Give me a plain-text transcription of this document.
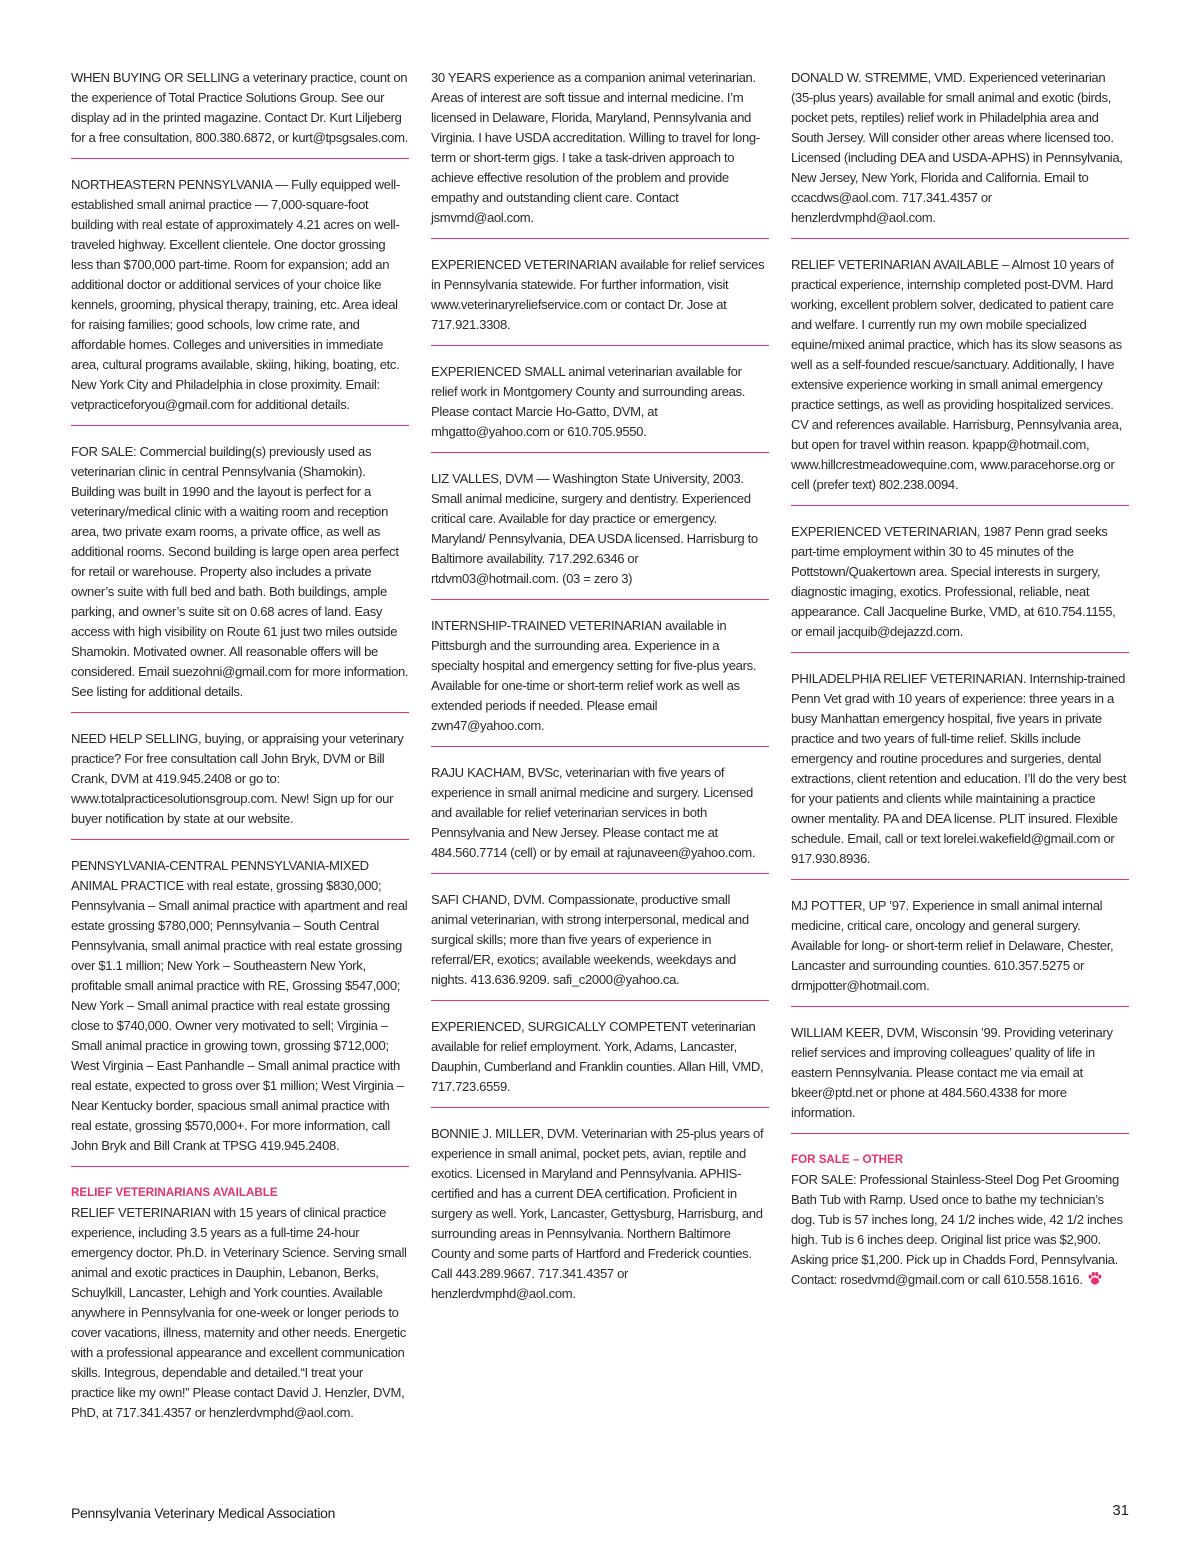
WHEN BUYING OR SELLING a veterinary practice, count on the experience of Total Practice Solutions Group. See our display ad in the printed magazine. Contact Dr. Kurt Liljeberg for a free consultation, 800.380.6872, or kurt@tpsgsales.com.

NORTHEASTERN PENNSYLVANIA — Fully equipped well-established small animal practice — 7,000-square-foot building with real estate of approximately 4.21 acres on well-traveled highway. Excellent clientele. One doctor grossing less than $700,000 part-time. Room for expansion; add an additional doctor or additional services of your choice like kennels, grooming, physical therapy, training, etc. Area ideal for raising families; good schools, low crime rate, and affordable homes. Colleges and universities in immediate area, cultural programs available, skiing, hiking, boating, etc. New York City and Philadelphia in close proximity. Email: vetpracticeforyou@gmail.com for additional details.

FOR SALE: Commercial building(s) previously used as veterinarian clinic in central Pennsylvania (Shamokin). Building was built in 1990 and the layout is perfect for a veterinary/medical clinic with a waiting room and reception area, two private exam rooms, a private office, as well as additional rooms. Second building is large open area perfect for retail or warehouse. Property also includes a private owner’s suite with full bed and bath. Both buildings, ample parking, and owner’s suite sit on 0.68 acres of land. Easy access with high visibility on Route 61 just two miles outside Shamokin. Motivated owner. All reasonable offers will be considered. Email suezohni@gmail.com for more information. See listing for additional details.

NEED HELP SELLING, buying, or appraising your veterinary practice? For free consultation call John Bryk, DVM or Bill Crank, DVM at 419.945.2408 or go to: www.totalpracticesolutionsgroup.com. New! Sign up for our buyer notification by state at our website.

PENNSYLVANIA-CENTRAL PENNSYLVANIA-MIXED ANIMAL PRACTICE with real estate, grossing $830,000; Pennsylvania – Small animal practice with apartment and real estate grossing $780,000; Pennsylvania – South Central Pennsylvania, small animal practice with real estate grossing over $1.1 million; New York – Southeastern New York, profitable small animal practice with RE, Grossing $547,000; New York – Small animal practice with real estate grossing close to $740,000. Owner very motivated to sell; Virginia – Small animal practice in growing town, grossing $712,000; West Virginia – East Panhandle – Small animal practice with real estate, expected to gross over $1 million; West Virginia – Near Kentucky border, spacious small animal practice with real estate, grossing $570,000+. For more information, call John Bryk and Bill Crank at TPSG 419.945.2408.

RELIEF VETERINARIANS AVAILABLE

RELIEF VETERINARIAN with 15 years of clinical practice experience, including 3.5 years as a full-time 24-hour emergency doctor. Ph.D. in Veterinary Science. Serving small animal and exotic practices in Dauphin, Lebanon, Berks, Schuylkill, Lancaster, Lehigh and York counties. Available anywhere in Pennsylvania for one-week or longer periods to cover vacations, illness, maternity and other needs. Energetic with a professional appearance and excellent communication skills. Integrous, dependable and detailed.“I treat your practice like my own!” Please contact David J. Henzler, DVM, PhD, at 717.341.4357 or henzlerdvmphd@aol.com.

30 YEARS experience as a companion animal veterinarian. Areas of interest are soft tissue and internal medicine. I’m licensed in Delaware, Florida, Maryland, Pennsylvania and Virginia. I have USDA accreditation. Willing to travel for long-term or short-term gigs. I take a task-driven approach to achieve effective resolution of the problem and provide empathy and outstanding client care. Contact jsmvmd@aol.com.

EXPERIENCED VETERINARIAN available for relief services in Pennsylvania statewide. For further information, visit www.veterinaryreliefservice.com or contact Dr. Jose at 717.921.3308.

EXPERIENCED SMALL animal veterinarian available for relief work in Montgomery County and surrounding areas. Please contact Marcie Ho-Gatto, DVM, at mhgatto@yahoo.com or 610.705.9550.

LIZ VALLES, DVM — Washington State University, 2003. Small animal medicine, surgery and dentistry. Experienced critical care. Available for day practice or emergency. Maryland/ Pennsylvania, DEA USDA licensed. Harrisburg to Baltimore availability. 717.292.6346 or rtdvm03@hotmail.com. (03 = zero 3)

INTERNSHIP-TRAINED VETERINARIAN available in Pittsburgh and the surrounding area. Experience in a specialty hospital and emergency setting for five-plus years. Available for one-time or short-term relief work as well as extended periods if needed. Please email zwn47@yahoo.com.

RAJU KACHAM, BVSc, veterinarian with five years of experience in small animal medicine and surgery. Licensed and available for relief veterinarian services in both Pennsylvania and New Jersey. Please contact me at 484.560.7714 (cell) or by email at rajunaveen@yahoo.com.

SAFI CHAND, DVM. Compassionate, productive small animal veterinarian, with strong interpersonal, medical and surgical skills; more than five years of experience in referral/ER, exotics; available weekends, weekdays and nights. 413.636.9209. safi_c2000@yahoo.ca.

EXPERIENCED, SURGICALLY COMPETENT veterinarian available for relief employment. York, Adams, Lancaster, Dauphin, Cumberland and Franklin counties. Allan Hill, VMD, 717.723.6559.

BONNIE J. MILLER, DVM. Veterinarian with 25-plus years of experience in small animal, pocket pets, avian, reptile and exotics. Licensed in Maryland and Pennsylvania. APHIS-certified and has a current DEA certification. Proficient in surgery as well. York, Lancaster, Gettysburg, Harrisburg, and surrounding areas in Pennsylvania. Northern Baltimore County and some parts of Hartford and Frederick counties. Call 443.289.9667. 717.341.4357 or henzlerdvmphd@aol.com.

DONALD W. STREMME, VMD. Experienced veterinarian (35-plus years) available for small animal and exotic (birds, pocket pets, reptiles) relief work in Philadelphia area and South Jersey. Will consider other areas where licensed too. Licensed (including DEA and USDA-APHS) in Pennsylvania, New Jersey, New York, Florida and California. Email to ccacdws@aol.com. 717.341.4357 or henzlerdvmphd@aol.com.

RELIEF VETERINARIAN AVAILABLE – Almost 10 years of practical experience, internship completed post-DVM. Hard working, excellent problem solver, dedicated to patient care and welfare. I currently run my own mobile specialized equine/mixed animal practice, which has its slow seasons as well as a self-founded rescue/sanctuary. Additionally, I have extensive experience working in small animal emergency practice settings, as well as providing hospitalized services. CV and references available. Harrisburg, Pennsylvania area, but open for travel within reason. kpapp@hotmail.com, www.hillcrestmeadowequine.com, www.paracehorse.org or cell (prefer text) 802.238.0094.

EXPERIENCED VETERINARIAN, 1987 Penn grad seeks part-time employment within 30 to 45 minutes of the Pottstown/Quakertown area. Special interests in surgery, diagnostic imaging, exotics. Professional, reliable, neat appearance. Call Jacqueline Burke, VMD, at 610.754.1155, or email jacquib@dejazzd.com.

PHILADELPHIA RELIEF VETERINARIAN. Internship-trained Penn Vet grad with 10 years of experience: three years in a busy Manhattan emergency hospital, five years in private practice and two years of full-time relief. Skills include emergency and routine procedures and surgeries, dental extractions, client retention and education. I’ll do the very best for your patients and clients while maintaining a practice owner mentality. PA and DEA license. PLIT insured. Flexible schedule. Email, call or text lorelei.wakefield@gmail.com or 917.930.8936.

MJ POTTER, UP ’97. Experience in small animal internal medicine, critical care, oncology and general surgery. Available for long- or short-term relief in Delaware, Chester, Lancaster and surrounding counties. 610.357.5275 or drmjpotter@hotmail.com.

WILLIAM KEER, DVM, Wisconsin ’99. Providing veterinary relief services and improving colleagues’ quality of life in eastern Pennsylvania. Please contact me via email at bkeer@ptd.net or phone at 484.560.4338 for more information.

FOR SALE – OTHER

FOR SALE: Professional Stainless-Steel Dog Pet Grooming Bath Tub with Ramp. Used once to bathe my technician’s dog. Tub is 57 inches long, 24 1/2 inches wide, 42 1/2 inches high. Tub is 6 inches deep. Original list price was $2,900. Asking price $1,200. Pick up in Chadds Ford, Pennsylvania. Contact: rosedvmd@gmail.com or call 610.558.1616.

Pennsylvania Veterinary Medical Association	31
